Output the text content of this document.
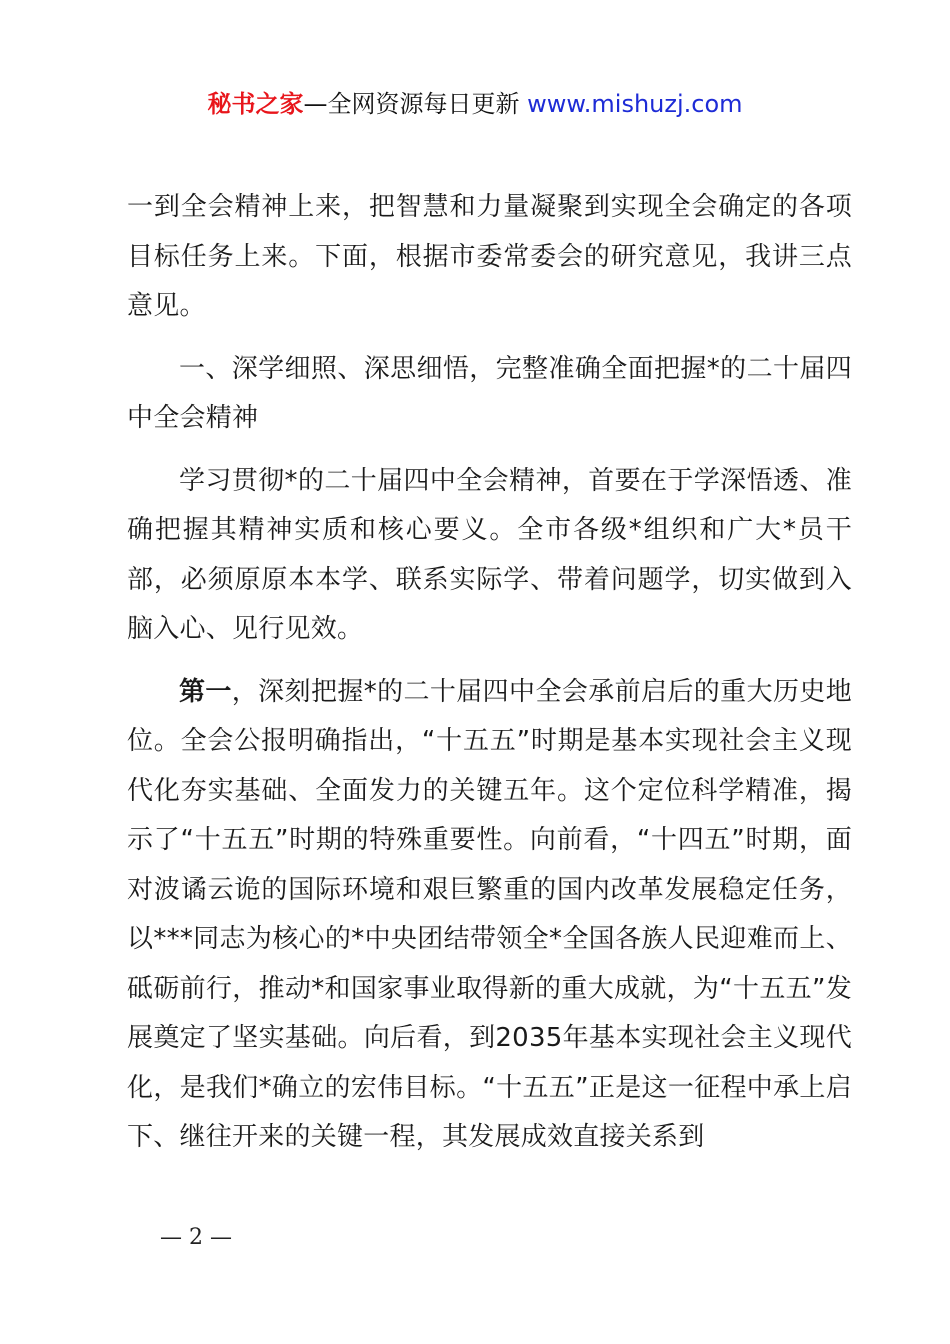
秘书之家—全网资源每日更新 www.mishuzj.com

一到全会精神上来，把智慧和力量凝聚到实现全会确定的各项目标任务上来。下面，根据市委常委会的研究意见，我讲三点意见。

一、深学细照、深思细悟，完整准确全面把握*的二十届四中全会精神

学习贯彻*的二十届四中全会精神，首要在于学深悟透、准确把握其精神实质和核心要义。全市各级*组织和广大*员干部，必须原原本本学、联系实际学、带着问题学，切实做到入脑入心、见行见效。

第一，深刻把握*的二十届四中全会承前启后的重大历史地位。全会公报明确指出，“十五五”时期是基本实现社会主义现代化夯实基础、全面发力的关键五年。这个定位科学精准，揭示了“十五五”时期的特殊重要性。向前看，“十四五”时期，面对波谲云诡的国际环境和艰巨繁重的国内改革发展稳定任务，以***同志为核心的*中央团结带领全*全国各族人民迎难而上、砥砺前行，推动*和国家事业取得新的重大成就，为“十五五”发展奠定了坚实基础。向后看，到2035年基本实现社会主义现代化，是我们*确立的宏伟目标。“十五五”正是这一征程中承上启下、继往开来的关键一程，其发展成效直接关系到

— 2 —
